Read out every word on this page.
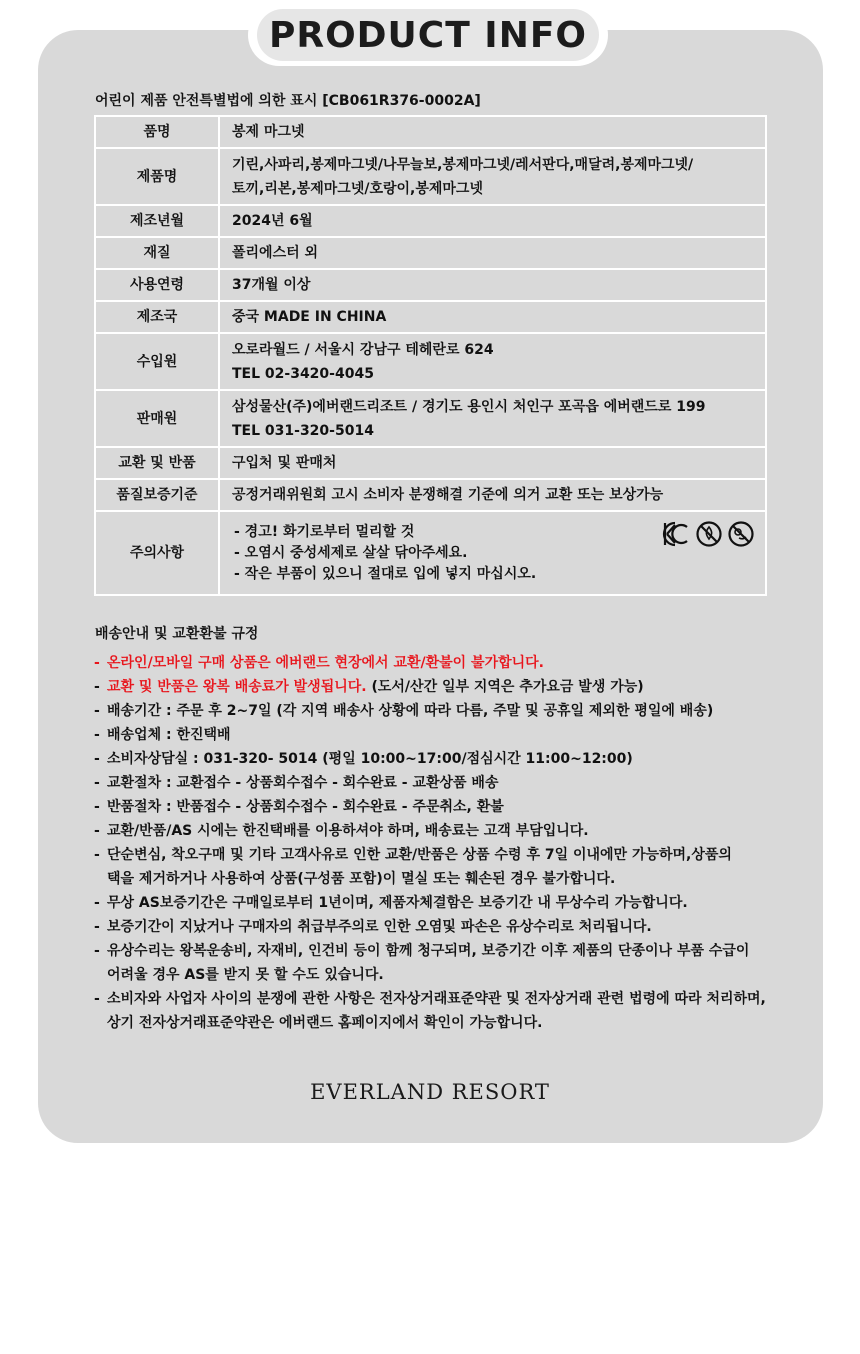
PRODUCT INFO
어린이 제품 안전특별법에 의한 표시 [CB061R376-0002A]
품명	봉제 마그넷

제품명	기린,사파리,봉제마그넷/나무늘보,봉제마그넷/레서판다,매달려,봉제마그넷/
토끼,리본,봉제마그넷/호랑이,봉제마그넷

제조년월	2024년 6월

재질	폴리에스터 외

사용연령	37개월 이상

제조국	중국 MADE IN CHINA

수입원	오로라월드 / 서울시 강남구 테헤란로 624
TEL 02-3420-4045

판매원	삼성물산(주)에버랜드리조트 / 경기도 용인시 처인구 포곡읍 에버랜드로 199
TEL 031-320-5014

교환 및 반품	구입처 및 판매처

품질보증기준	공정거래위원회 고시 소비자 분쟁해결 기준에 의거 교환 또는 보상가능

주의사항	- 경고! 화기로부터 멀리할 것
- 오염시 중성세제로 살살 닦아주세요.
- 작은 부품이 있으니 절대로 입에 넣지 마십시오.
배송안내 및 교환환불 규정
- 온라인/모바일 구매 상품은 에버랜드 현장에서 교환/환불이 불가합니다.
- 교환 및 반품은 왕복 배송료가 발생됩니다. (도서/산간 일부 지역은 추가요금 발생 가능)
- 배송기간 : 주문 후 2~7일 (각 지역 배송사 상황에 따라 다름, 주말 및 공휴일 제외한 평일에 배송)
- 배송업체 : 한진택배
- 소비자상담실 : 031-320- 5014 (평일 10:00~17:00/점심시간 11:00~12:00)
- 교환절차 : 교환접수 - 상품회수접수 - 회수완료 - 교환상품 배송
- 반품절차 : 반품접수 - 상품회수접수 - 회수완료 - 주문취소, 환불
- 교환/반품/AS 시에는 한진택배를 이용하셔야 하며, 배송료는 고객 부담입니다.
- 단순변심, 착오구매 및 기타 고객사유로 인한 교환/반품은 상품 수령 후 7일 이내에만 가능하며,상품의
택을 제거하거나 사용하여 상품(구성품 포함)이 멸실 또는 훼손된 경우 불가합니다.
- 무상 AS보증기간은 구매일로부터 1년이며, 제품자체결함은 보증기간 내 무상수리 가능합니다.
- 보증기간이 지났거나 구매자의 취급부주의로 인한 오염및 파손은 유상수리로 처리됩니다.
- 유상수리는 왕복운송비, 자재비, 인건비 등이 함께 청구되며, 보증기간 이후 제품의 단종이나 부품 수급이
어려울 경우 AS를 받지 못 할 수도 있습니다.
- 소비자와 사업자 사이의 분쟁에 관한 사항은 전자상거래표준약관 및 전자상거래 관련 법령에 따라 처리하며,
상기 전자상거래표준약관은 에버랜드 홈페이지에서 확인이 가능합니다.
EVERLAND RESORT
